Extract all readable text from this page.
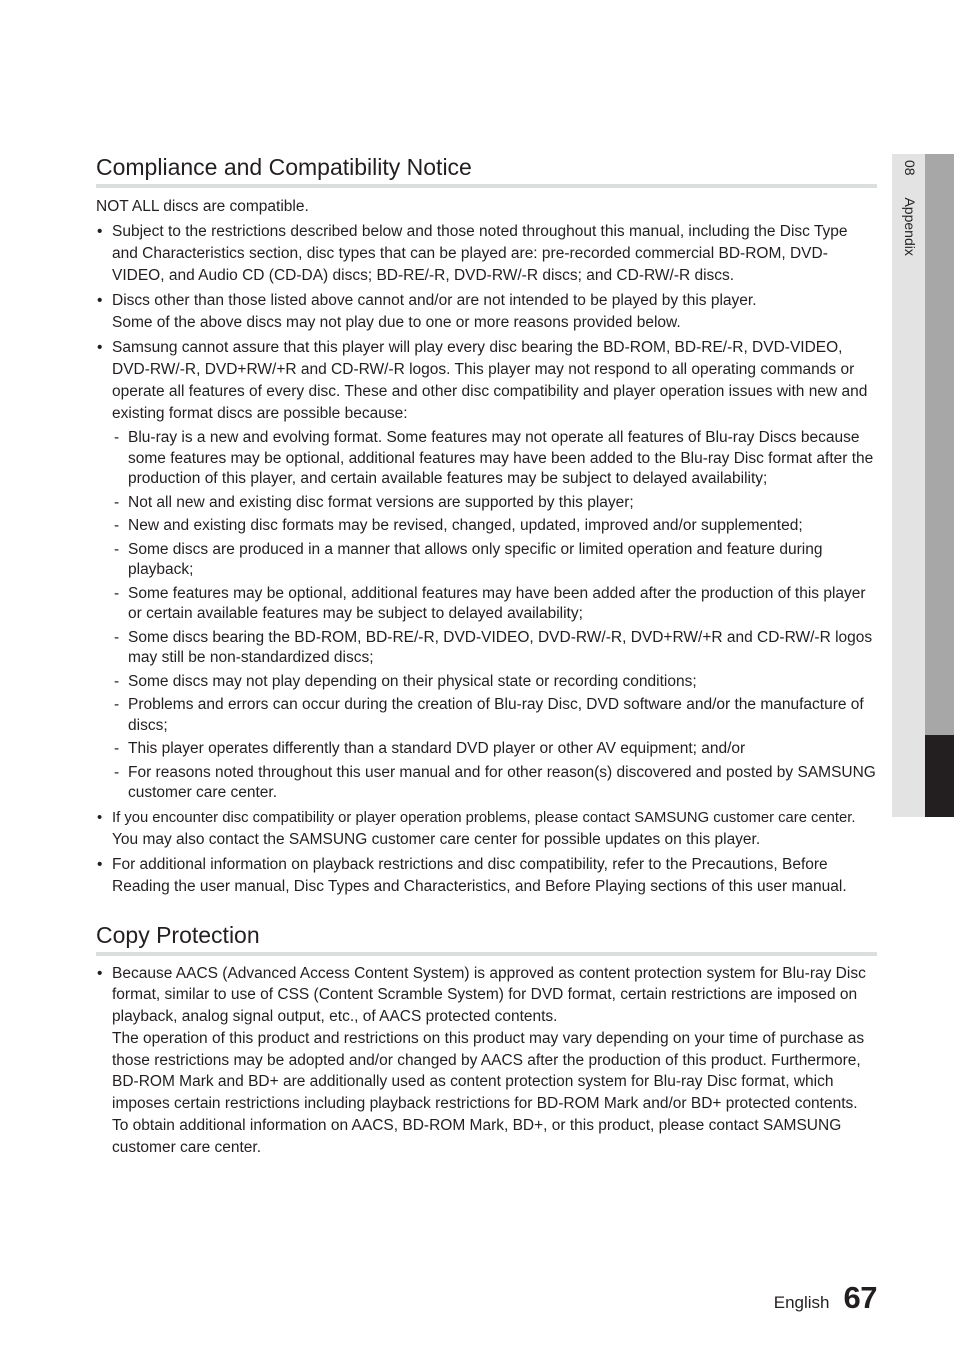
08 Appendix
Compliance and Compatibility Notice

NOT ALL discs are compatible.

• Subject to the restrictions described below and those noted throughout this manual, including the Disc Type and Characteristics section, disc types that can be played are: pre-recorded commercial BD-ROM, DVD-VIDEO, and Audio CD (CD-DA) discs; BD-RE/-R, DVD-RW/-R discs; and CD-RW/-R discs.

• Discs other than those listed above cannot and/or are not intended to be played by this player.

Some of the above discs may not play due to one or more reasons provided below.

• Samsung cannot assure that this player will play every disc bearing the BD-ROM, BD-RE/-R, DVD-VIDEO, DVD-RW/-R, DVD+RW/+R and CD-RW/-R logos. This player may not respond to all operating commands or operate all features of every disc. These and other disc compatibility and player operation issues with new and existing format discs are possible because:

- Blu-ray is a new and evolving format. Some features may not operate all features of Blu-ray Discs because some features may be optional, additional features may have been added to the Blu-ray Disc format after the production of this player, and certain available features may be subject to delayed availability;
- Not all new and existing disc format versions are supported by this player;
- New and existing disc formats may be revised, changed, updated, improved and/or supplemented;
- Some discs are produced in a manner that allows only specific or limited operation and feature during playback;
- Some features may be optional, additional features may have been added after the production of this player or certain available features may be subject to delayed availability;
- Some discs bearing the BD-ROM, BD-RE/-R, DVD-VIDEO, DVD-RW/-R, DVD+RW/+R and CD-RW/-R logos may still be non-standardized discs;
- Some discs may not play depending on their physical state or recording conditions;
- Problems and errors can occur during the creation of Blu-ray Disc, DVD software and/or the manufacture of discs;
- This player operates differently than a standard DVD player or other AV equipment; and/or
- For reasons noted throughout this user manual and for other reason(s) discovered and posted by SAMSUNG customer care center.

• If you encounter disc compatibility or player operation problems, please contact SAMSUNG customer care center.

You may also contact the SAMSUNG customer care center for possible updates on this player.

• For additional information on playback restrictions and disc compatibility, refer to the Precautions, Before Reading the user manual, Disc Types and Characteristics, and Before Playing sections of this user manual.

Copy Protection

• Because AACS (Advanced Access Content System) is approved as content protection system for Blu-ray Disc format, similar to use of CSS (Content Scramble System) for DVD format, certain restrictions are imposed on playback, analog signal output, etc., of AACS protected contents.

The operation of this product and restrictions on this product may vary depending on your time of purchase as those restrictions may be adopted and/or changed by AACS after the production of this product. Furthermore, BD-ROM Mark and BD+ are additionally used as content protection system for Blu-ray Disc format, which imposes certain restrictions including playback restrictions for BD-ROM Mark and/or BD+ protected contents. To obtain additional information on AACS, BD-ROM Mark, BD+, or this product, please contact SAMSUNG customer care center.

English 67
